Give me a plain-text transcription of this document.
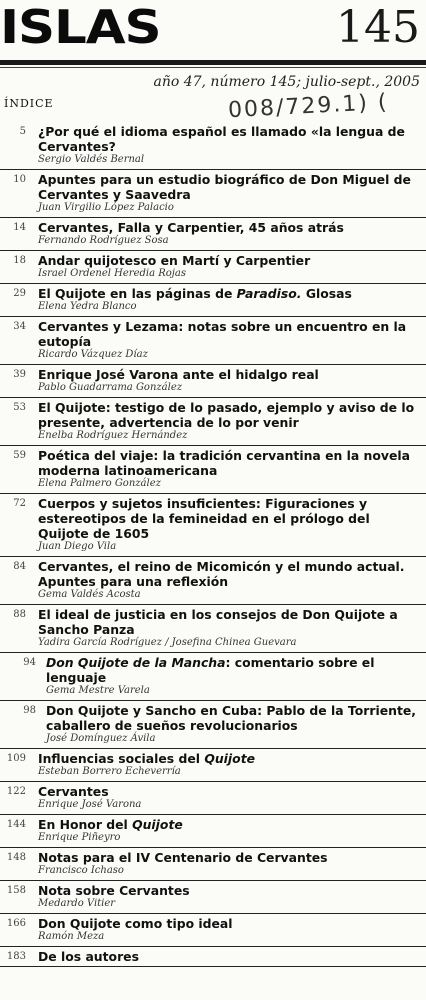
ISLAS	145
año 47, número 145; julio-sept., 2005
008/729.1) (
ÍNDICE
5 ¿Por qué el idioma español es llamado «la lengua de Cervantes?
Sergio Valdés Bernal
10 Apuntes para un estudio biográfico de Don Miguel de Cervantes y Saavedra
Juan Virgilio López Palacio
14 Cervantes, Falla y Carpentier, 45 años atrás
Fernando Rodríguez Sosa
18 Andar quijotesco en Martí y Carpentier
Israel Ordenel Heredia Rojas
29 El Quijote en las páginas de Paradiso. Glosas
Elena Yedra Blanco
34 Cervantes y Lezama: notas sobre un encuentro en la eutopía
Ricardo Vázquez Díaz
39 Enrique José Varona ante el hidalgo real
Pablo Guadarrama González
53 El Quijote: testigo de lo pasado, ejemplo y aviso de lo presente, advertencia de lo por venir
Enelba Rodríguez Hernández
59 Poética del viaje: la tradición cervantina en la novela moderna latinoamericana
Elena Palmero González
72 Cuerpos y sujetos insuficientes: Figuraciones y estereotipos de la femineidad en el prólogo del Quijote de 1605
Juan Diego Vila
84 Cervantes, el reino de Micomicón y el mundo actual. Apuntes para una reflexión
Gema Valdés Acosta
88 El ideal de justicia en los consejos de Don Quijote a Sancho Panza
Yadira García Rodríguez / Josefina Chinea Guevara
94 Don Quijote de la Mancha: comentario sobre el lenguaje
Gema Mestre Varela
98 Don Quijote y Sancho en Cuba: Pablo de la Torriente, caballero de sueños revolucionarios
José Domínguez Ávila
109 Influencias sociales del Quijote
Esteban Borrero Echeverría
122 Cervantes
Enrique José Varona
144 En Honor del Quijote
Enrique Piñeyro
148 Notas para el IV Centenario de Cervantes
Francisco Ichaso
158 Nota sobre Cervantes
Medardo Vitier
166 Don Quijote como tipo ideal
Ramón Meza
183 De los autores
